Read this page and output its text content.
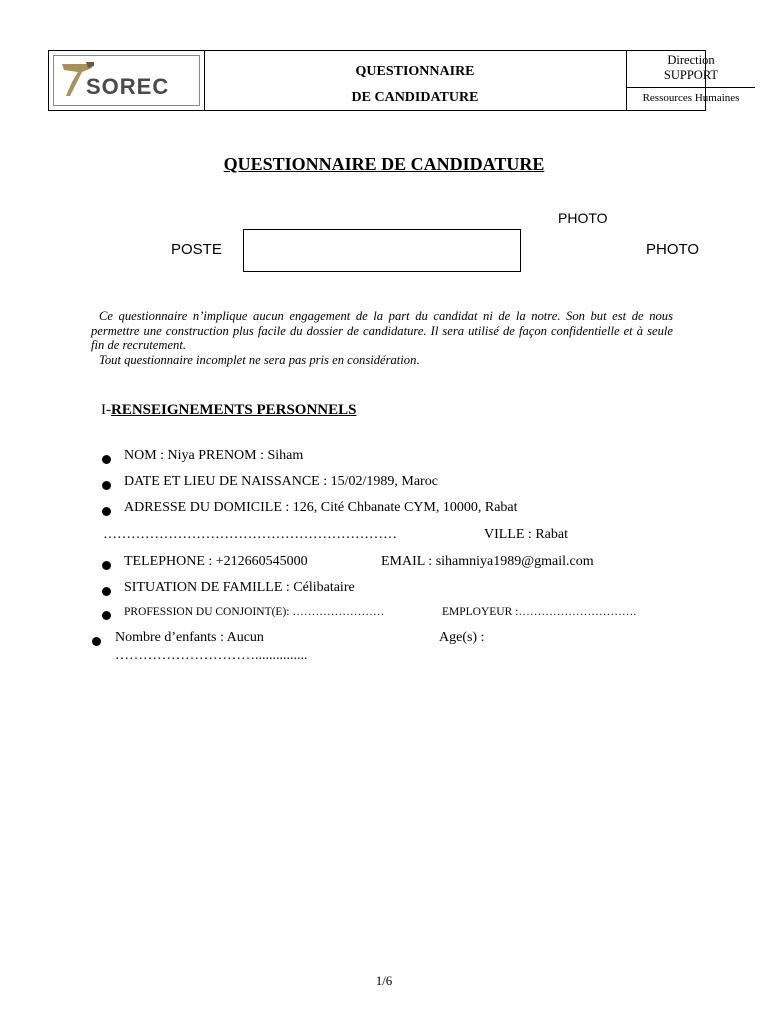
SOREC
QUESTIONNAIRE
DE CANDIDATURE
Direction
SUPPORT
Ressources Humaines
QUESTIONNAIRE DE CANDIDATURE
PHOTO
POSTE	PHOTO

Ce questionnaire n’implique aucun engagement de la part du candidat ni de la notre. Son but est de nous permettre une construction plus facile du dossier de candidature. Il sera utilisé de façon confidentielle et à seule fin de recrutement.

Tout questionnaire incomplet ne sera pas pris en considération.

I-RENSEIGNEMENTS PERSONNELS
NOM : Niya PRENOM : Siham
DATE ET LIEU DE NAISSANCE : 15/02/1989, Maroc
ADRESSE DU DOMICILE : 126, Cité Chbanate CYM, 10000, Rabat
………………………………………………………	VILLE : Rabat
TELEPHONE : +212660545000	EMAIL : sihamniya1989@gmail.com
SITUATION DE FAMILLE : Célibataire
PROFESSION DU CONJOINT(E): ……………………	EMPLOYEUR :………………………….
Nombre d’enfants : Aucun	Age(s) :
…………………………...............
1/6
